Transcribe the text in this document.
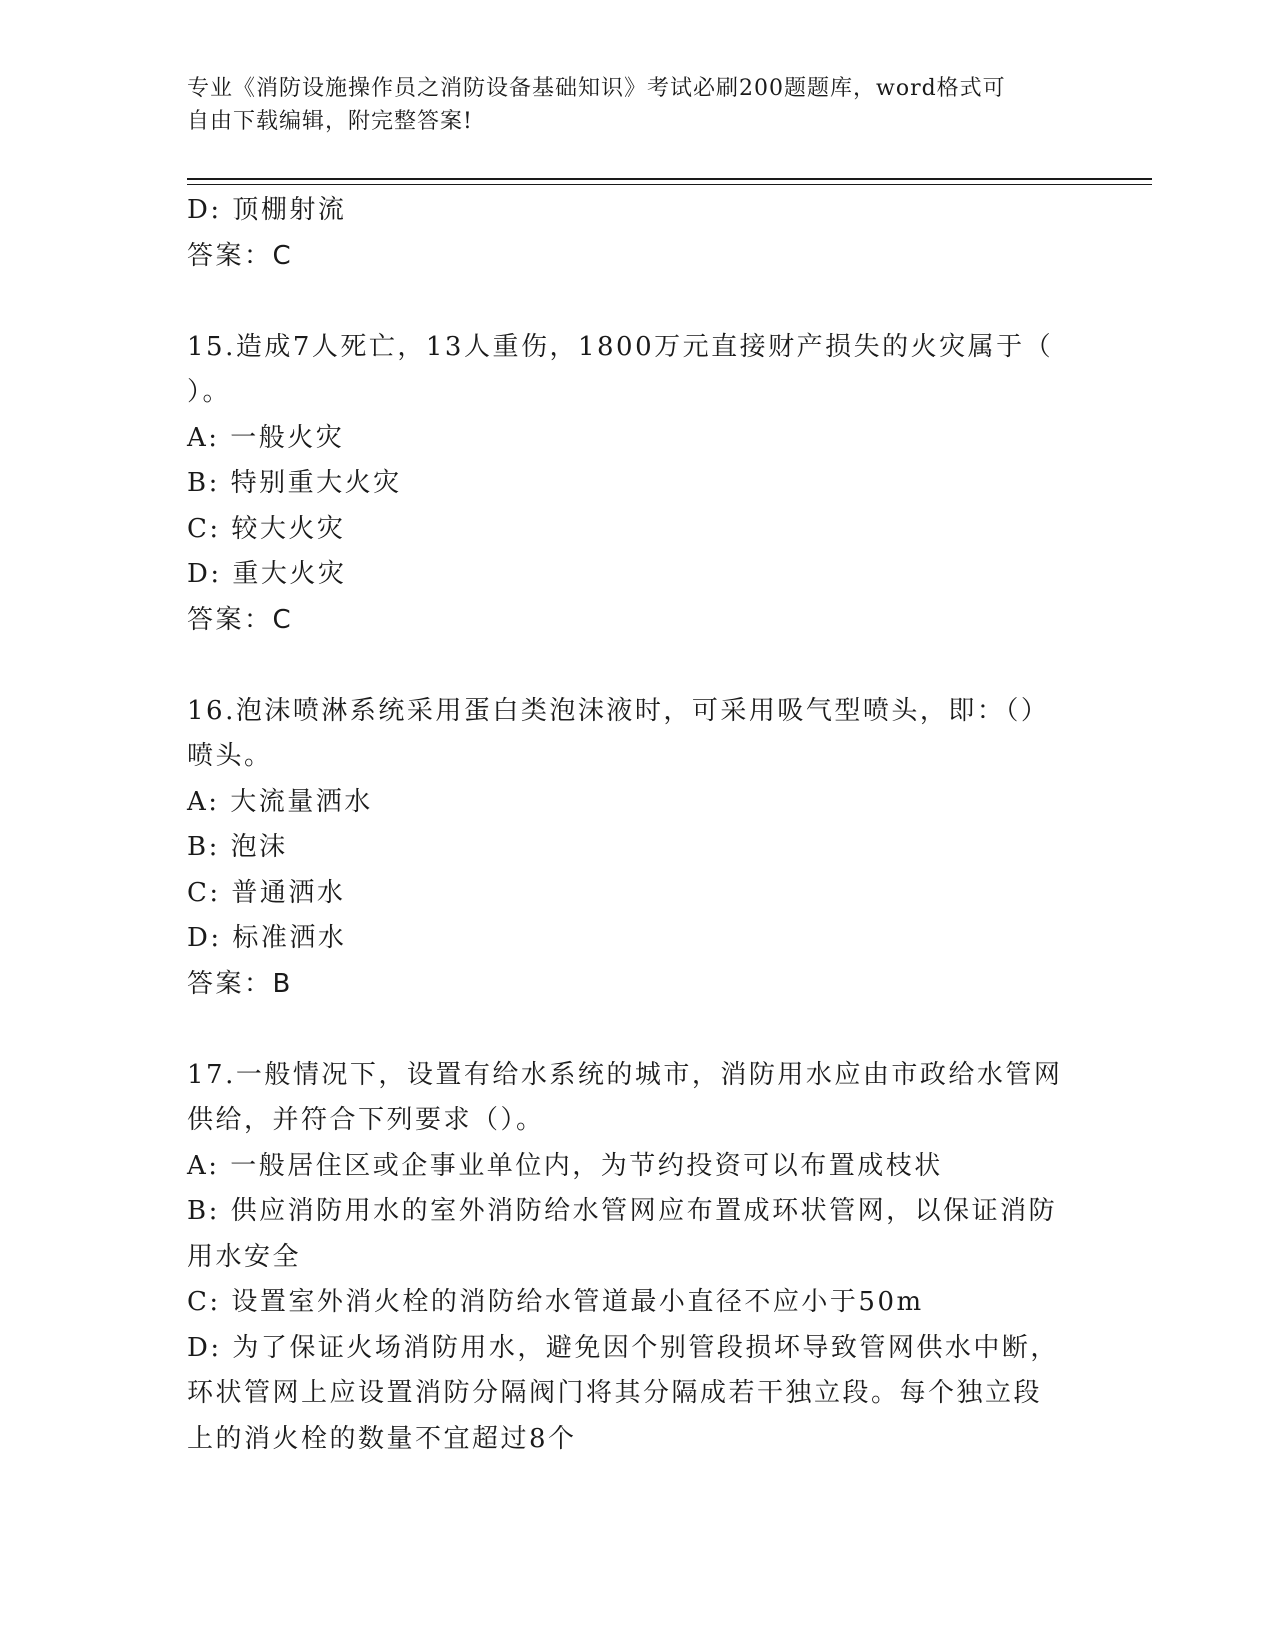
专业《消防设施操作员之消防设备基础知识》考试必刷200题题库，word格式可
自由下载编辑，附完整答案!
D: 顶棚射流
答案：C
15.造成7人死亡，13人重伤，1800万元直接财产损失的火灾属于（
）。
A: 一般火灾
B: 特别重大火灾
C: 较大火灾
D: 重大火灾
答案：C
16.泡沫喷淋系统采用蛋白类泡沫液时，可采用吸气型喷头，即：（）
喷头。
A: 大流量洒水
B: 泡沫
C: 普通洒水
D: 标准洒水
答案：B
17.一般情况下，设置有给水系统的城市，消防用水应由市政给水管网
供给，并符合下列要求（）。
A: 一般居住区或企事业单位内，为节约投资可以布置成枝状
B: 供应消防用水的室外消防给水管网应布置成环状管网，以保证消防
用水安全
C: 设置室外消火栓的消防给水管道最小直径不应小于50m
D: 为了保证火场消防用水，避免因个别管段损坏导致管网供水中断，
环状管网上应设置消防分隔阀门将其分隔成若干独立段。每个独立段
上的消火栓的数量不宜超过8个
